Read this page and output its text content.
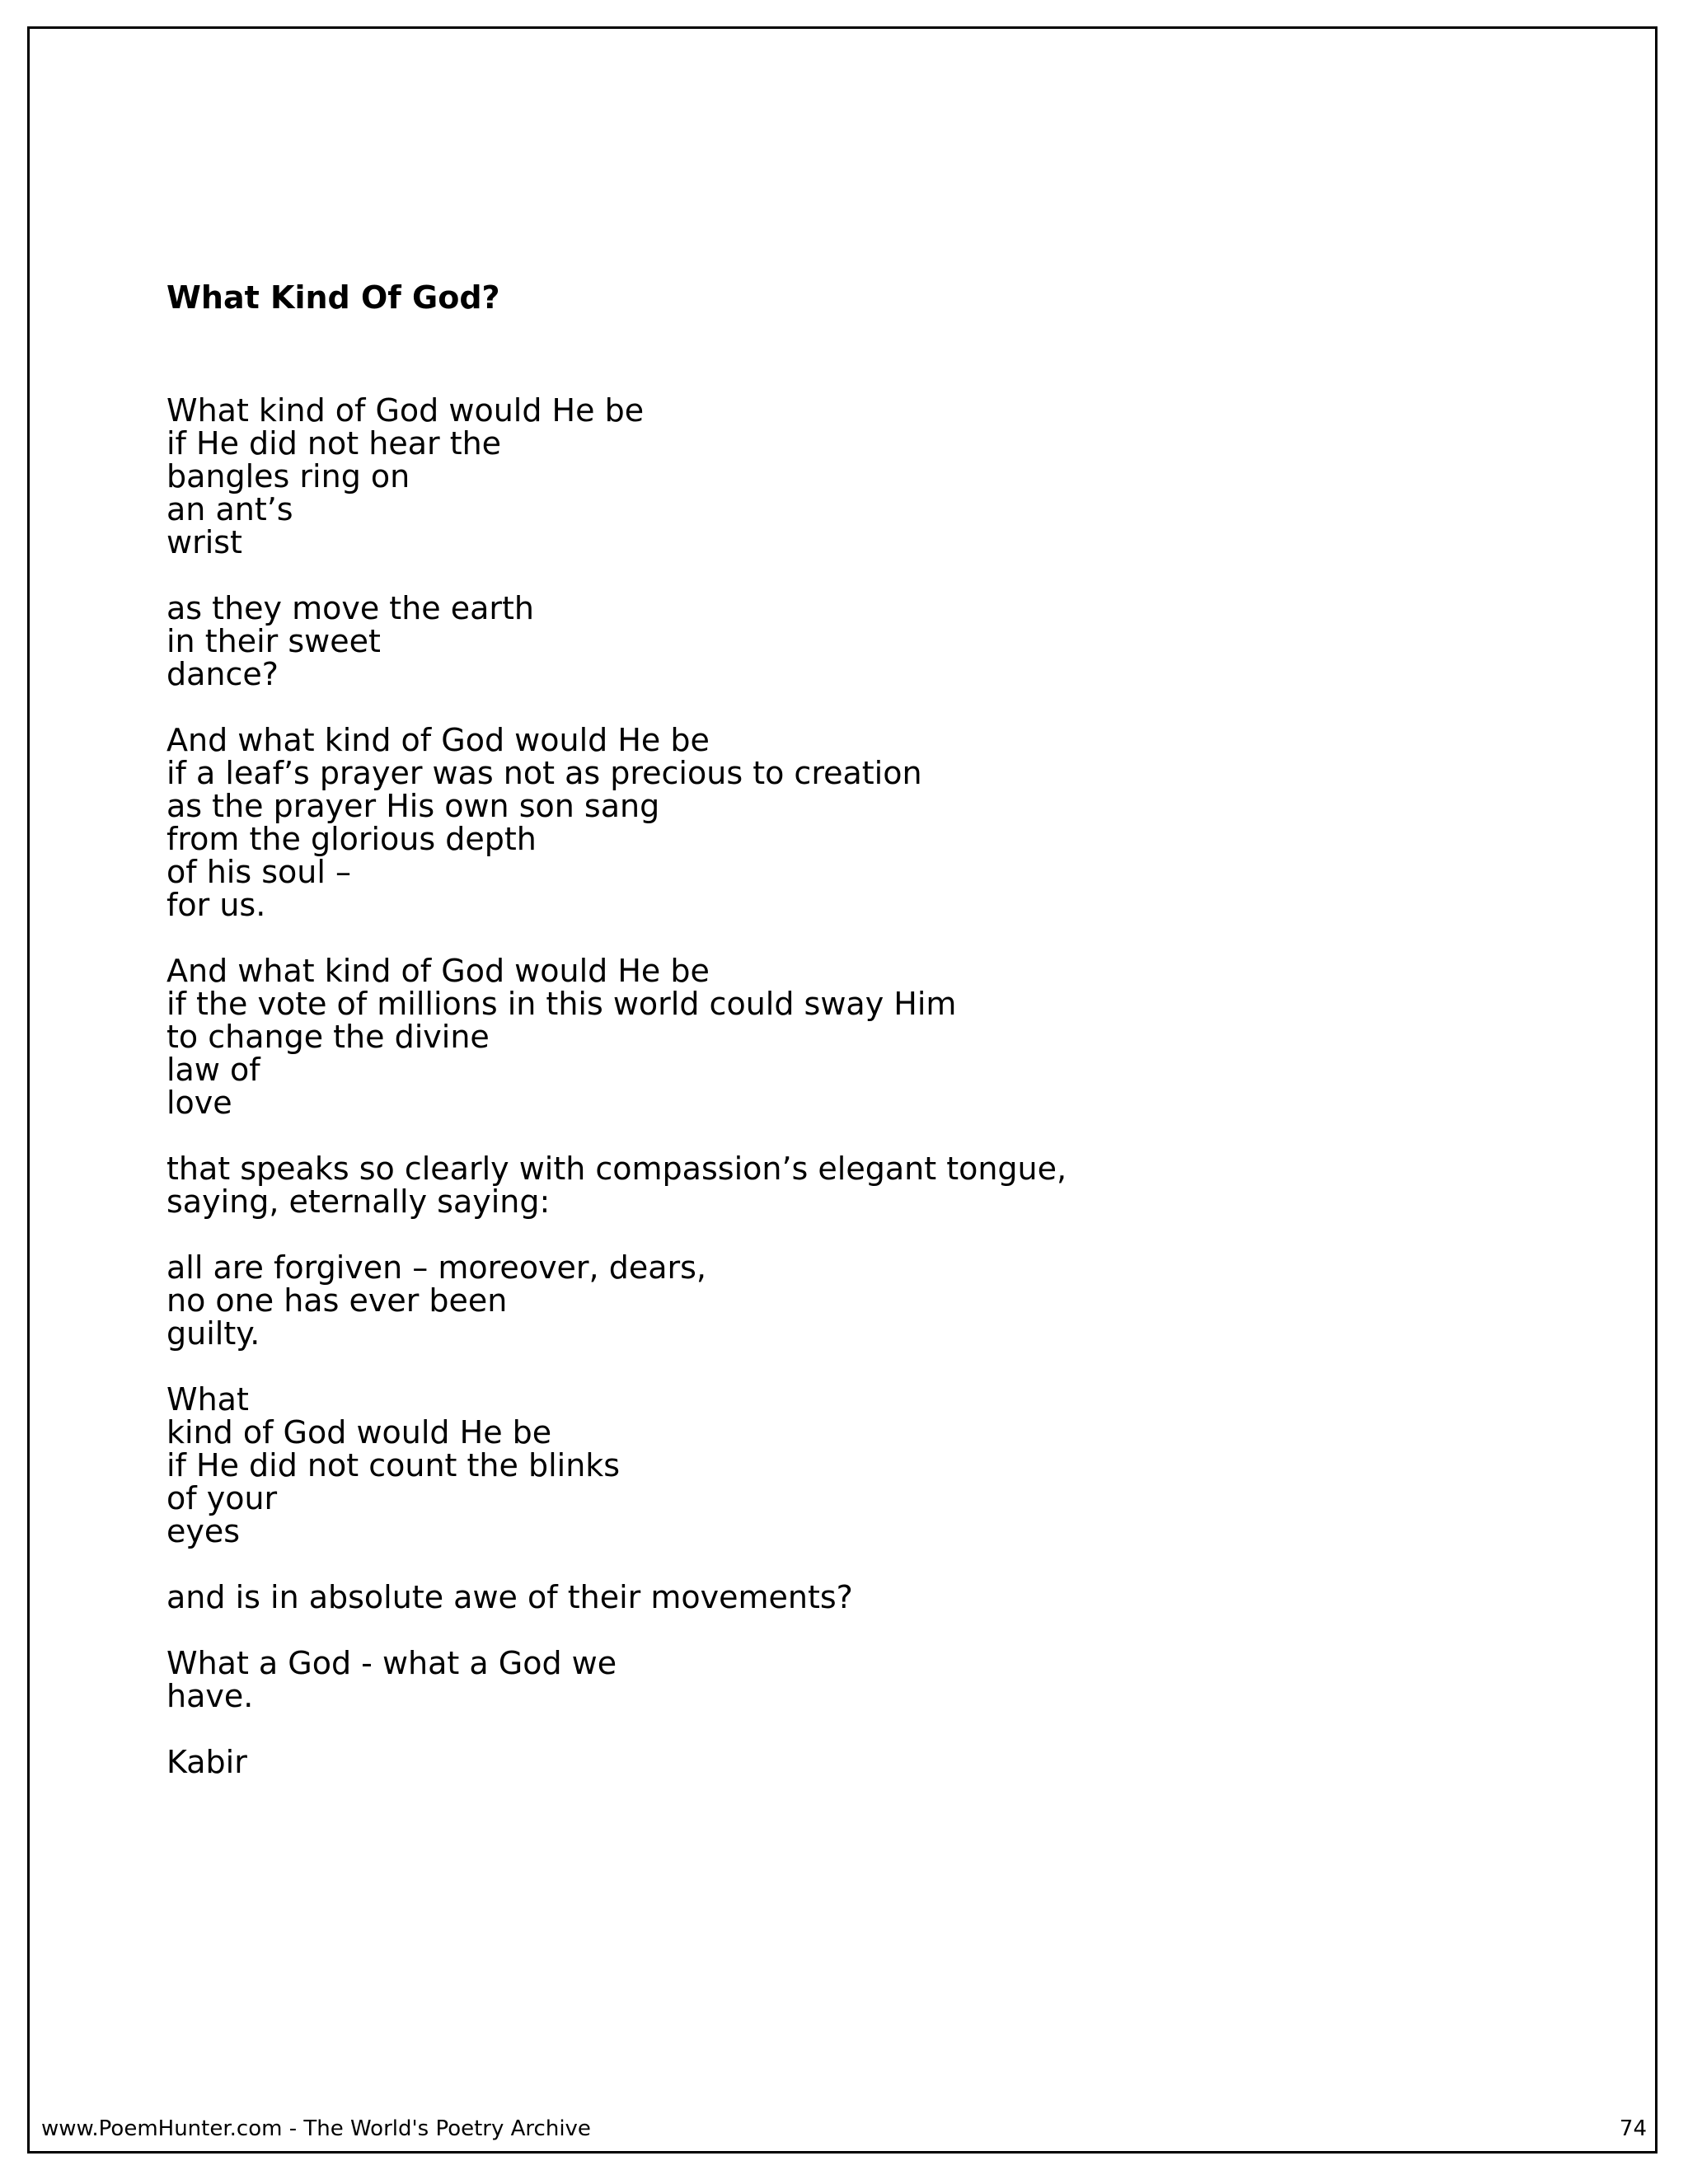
What Kind Of God?
What kind of God would He be
if He did not hear the
bangles ring on
an ant’s
wrist
as they move the earth
in their sweet
dance?
And what kind of God would He be
if a leaf’s prayer was not as precious to creation
as the prayer His own son sang
from the glorious depth
of his soul –
for us.
And what kind of God would He be
if the vote of millions in this world could sway Him
to change the divine
law of
love
that speaks so clearly with compassion’s elegant tongue,
saying, eternally saying:
all are forgiven – moreover, dears,
no one has ever been
guilty.
What
kind of God would He be
if He did not count the blinks
of your
eyes
and is in absolute awe of their movements?
What a God - what a God we
have.
Kabir
www.PoemHunter.com - The World's Poetry Archive	74
